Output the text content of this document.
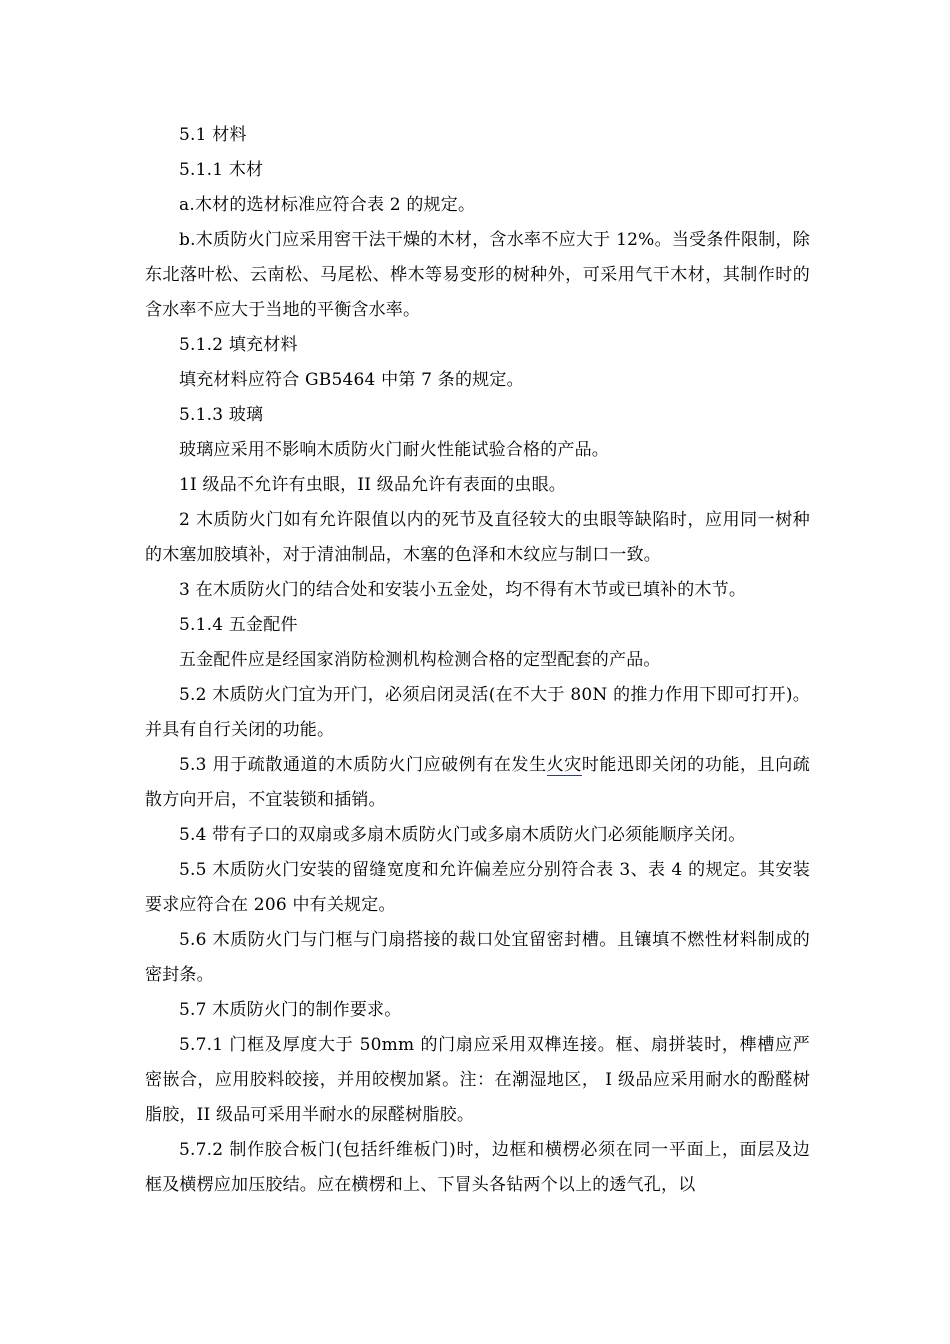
5.1 材料

5.1.1 木材

a.木材的选材标准应符合表 2 的规定。

b.木质防火门应采用窖干法干燥的木材，含水率不应大于 12%。当受条件限制，除东北落叶松、云南松、马尾松、桦木等易变形的树种外，可采用气干木材，其制作时的含水率不应大于当地的平衡含水率。

5.1.2 填充材料

填充材料应符合 GB5464 中第 7 条的规定。

5.1.3 玻璃

玻璃应采用不影响木质防火门耐火性能试验合格的产品。

1I 级品不允许有虫眼，II 级品允许有表面的虫眼。

2 木质防火门如有允许限值以内的死节及直径较大的虫眼等缺陷时，应用同一树种的木塞加胶填补，对于清油制品，木塞的色泽和木纹应与制口一致。

3 在木质防火门的结合处和安装小五金处，均不得有木节或已填补的木节。

5.1.4 五金配件

五金配件应是经国家消防检测机构检测合格的定型配套的产品。

5.2 木质防火门宜为开门，必须启闭灵活(在不大于 80N 的推力作用下即可打开)。并具有自行关闭的功能。

5.3 用于疏散通道的木质防火门应破例有在发生火灾时能迅即关闭的功能，且向疏散方向开启，不宜装锁和插销。

5.4 带有子口的双扇或多扇木质防火门或多扇木质防火门必须能顺序关闭。

5.5 木质防火门安装的留缝宽度和允许偏差应分别符合表 3、表 4 的规定。其安装要求应符合在 206 中有关规定。

5.6 木质防火门与门框与门扇搭接的裁口处宜留密封槽。且镶填不燃性材料制成的密封条。

5.7 木质防火门的制作要求。

5.7.1 门框及厚度大于 50mm 的门扇应采用双榫连接。框、扇拼装时，榫槽应严密嵌合，应用胶料皎接，并用皎楔加紧。注：在潮湿地区， I 级品应采用耐水的酚醛树脂胶，II 级品可采用半耐水的尿醛树脂胶。

5.7.2 制作胶合板门(包括纤维板门)时，边框和横楞必须在同一平面上，面层及边框及横楞应加压胶结。应在横楞和上、下冒头各钻两个以上的透气孔，以
